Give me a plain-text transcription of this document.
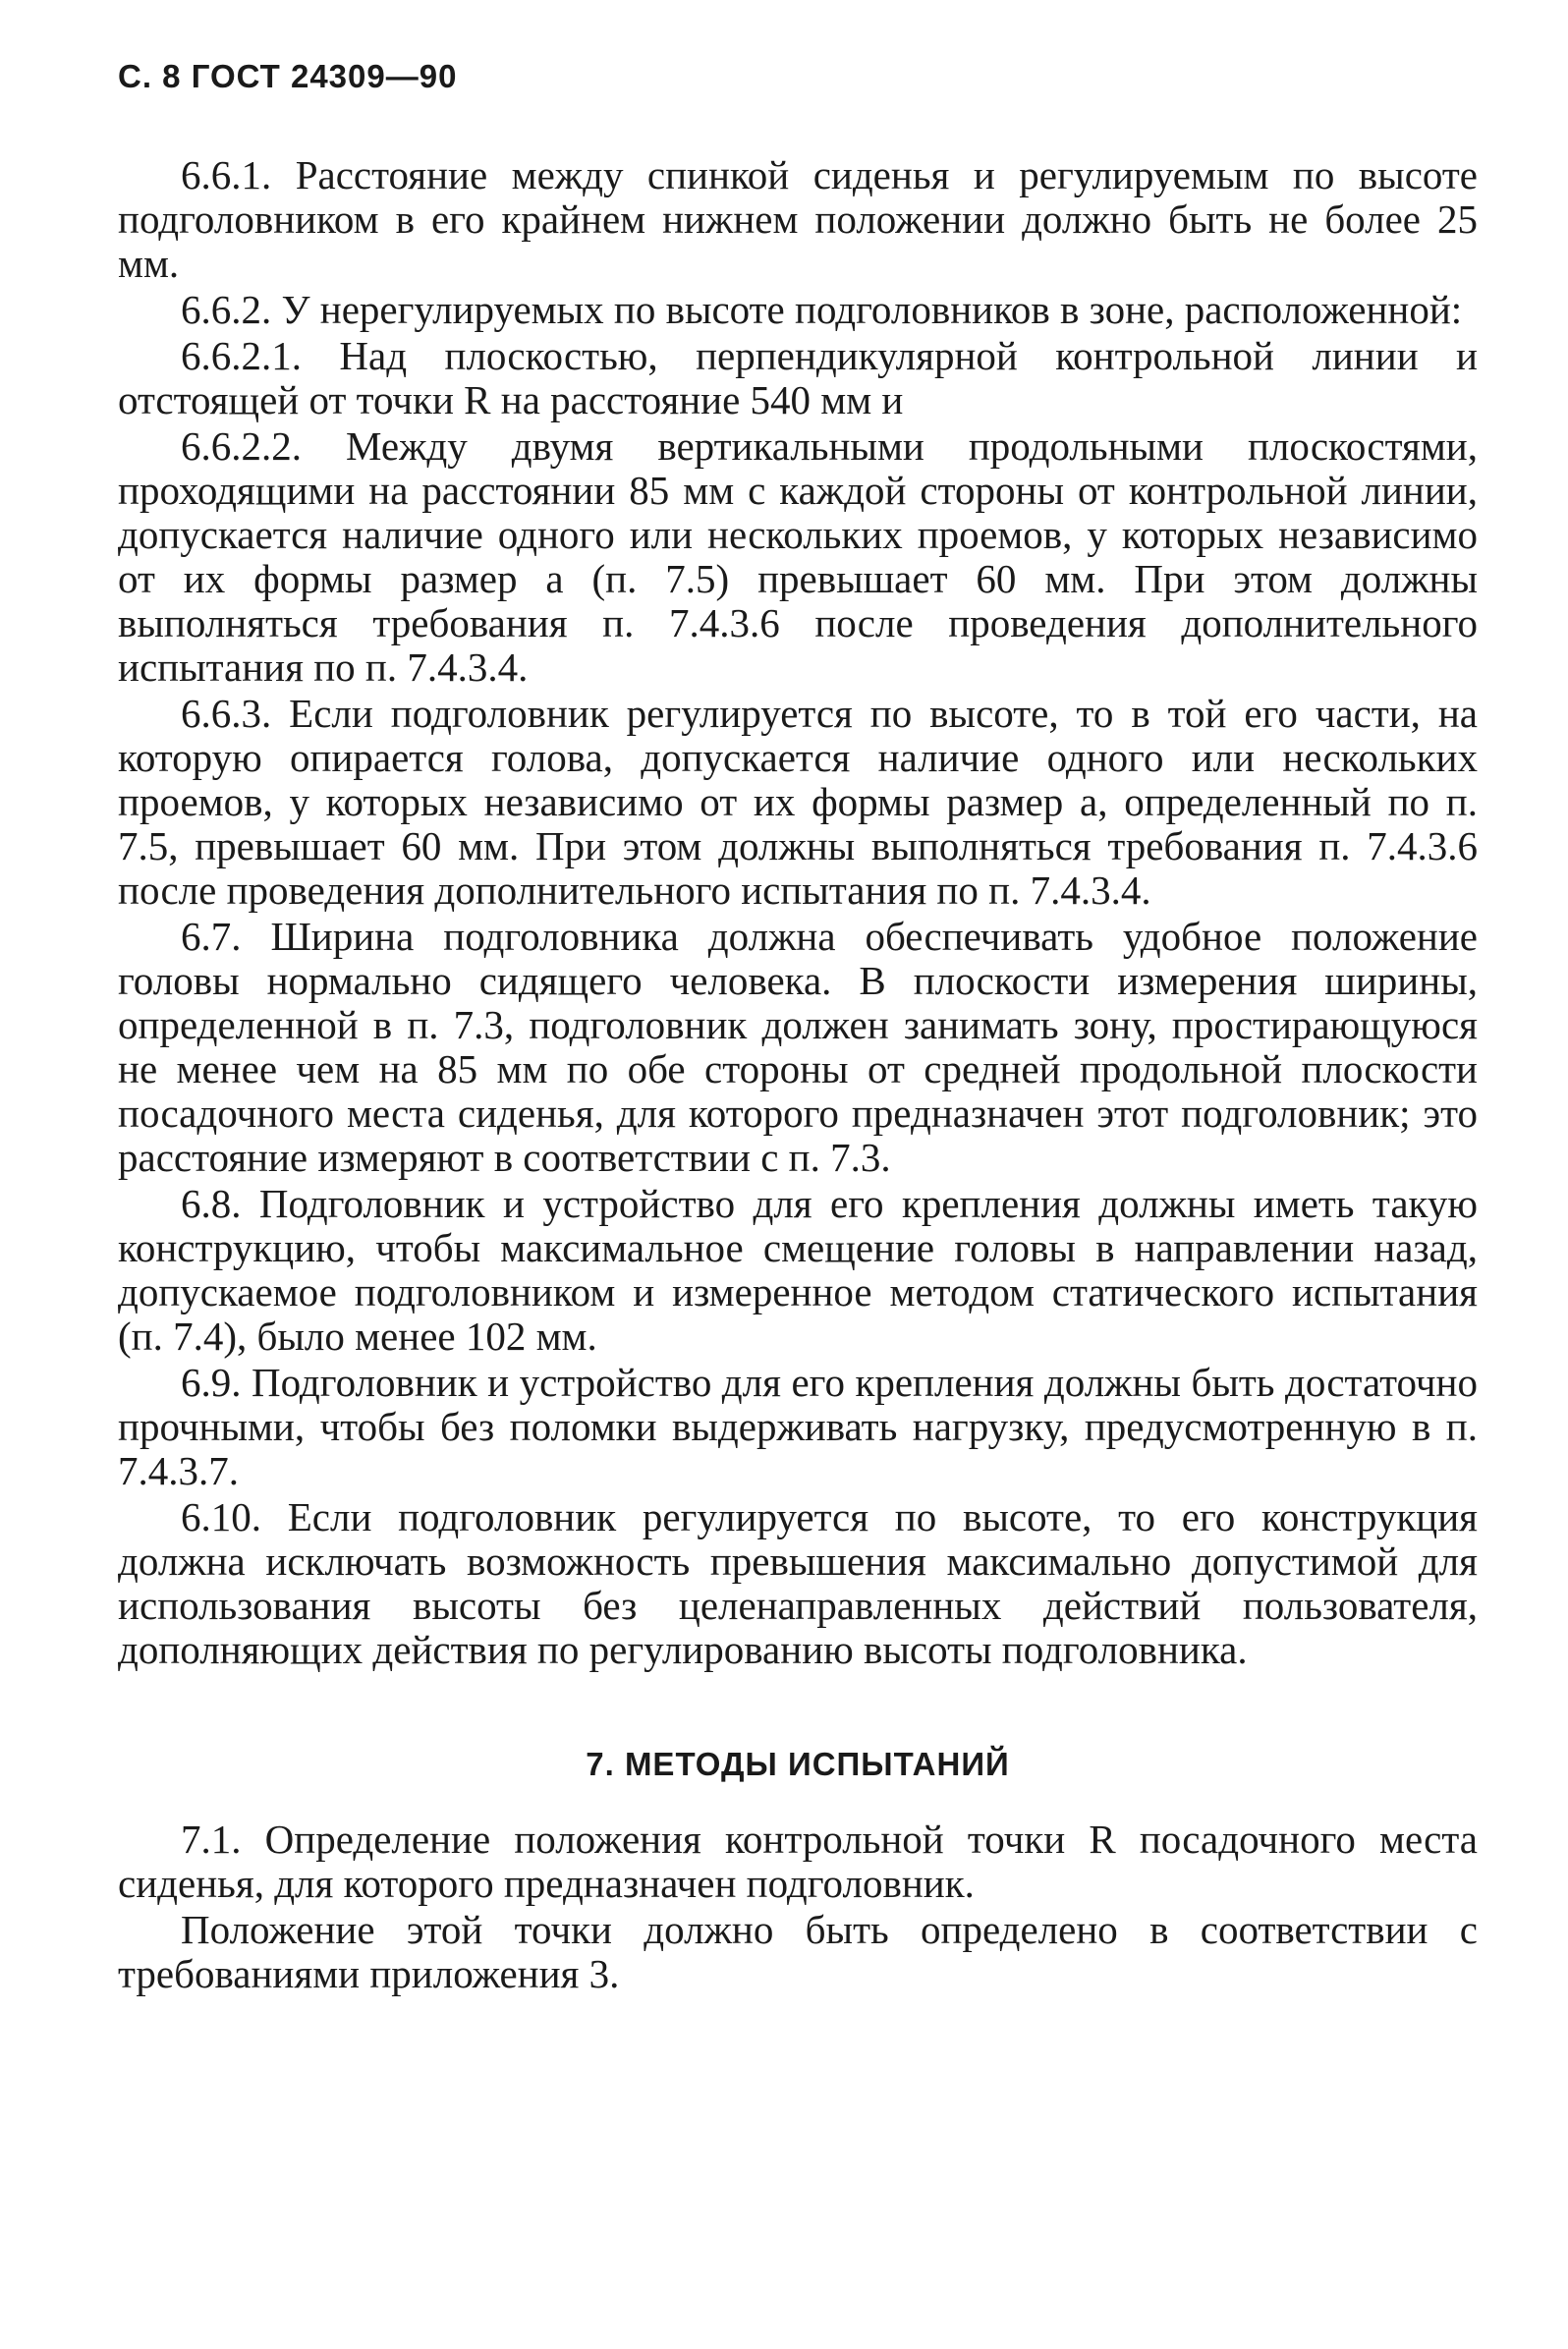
С. 8 ГОСТ 24309—90

6.6.1. Расстояние между спинкой сиденья и регулируемым по высоте подголовником в его крайнем нижнем положении должно быть не более 25 мм.

6.6.2. У нерегулируемых по высоте подголовников в зоне, расположенной:

6.6.2.1. Над плоскостью, перпендикулярной контрольной линии и отстоящей от точки R на расстояние 540 мм и

6.6.2.2. Между двумя вертикальными продольными плоскостями, проходящими на расстоянии 85 мм с каждой стороны от контрольной линии, допускается наличие одного или нескольких проемов, у которых независимо от их формы размер a (п. 7.5) превышает 60 мм. При этом должны выполняться требования п. 7.4.3.6 после проведения дополнительного испытания по п. 7.4.3.4.

6.6.3. Если подголовник регулируется по высоте, то в той его части, на которую опирается голова, допускается наличие одного или нескольких проемов, у которых независимо от их формы размер a, определенный по п. 7.5, превышает 60 мм. При этом должны выполняться требования п. 7.4.3.6 после проведения дополнительного испытания по п. 7.4.3.4.

6.7. Ширина подголовника должна обеспечивать удобное положение головы нормально сидящего человека. В плоскости измерения ширины, определенной в п. 7.3, подголовник должен занимать зону, простирающуюся не менее чем на 85 мм по обе стороны от средней продольной плоскости посадочного места сиденья, для которого предназначен этот подголовник; это расстояние измеряют в соответствии с п. 7.3.

6.8. Подголовник и устройство для его крепления должны иметь такую конструкцию, чтобы максимальное смещение головы в направлении назад, допускаемое подголовником и измеренное методом статического испытания (п. 7.4), было менее 102 мм.

6.9. Подголовник и устройство для его крепления должны быть достаточно прочными, чтобы без поломки выдерживать нагрузку, предусмотренную в п. 7.4.3.7.

6.10. Если подголовник регулируется по высоте, то его конструкция должна исключать возможность превышения максимально допустимой для использования высоты без целенаправленных действий пользователя, дополняющих действия по регулированию высоты подголовника.

7. МЕТОДЫ ИСПЫТАНИЙ

7.1. Определение положения контрольной точки R посадочного места сиденья, для которого предназначен подголовник.

Положение этой точки должно быть определено в соответствии с требованиями приложения 3.
